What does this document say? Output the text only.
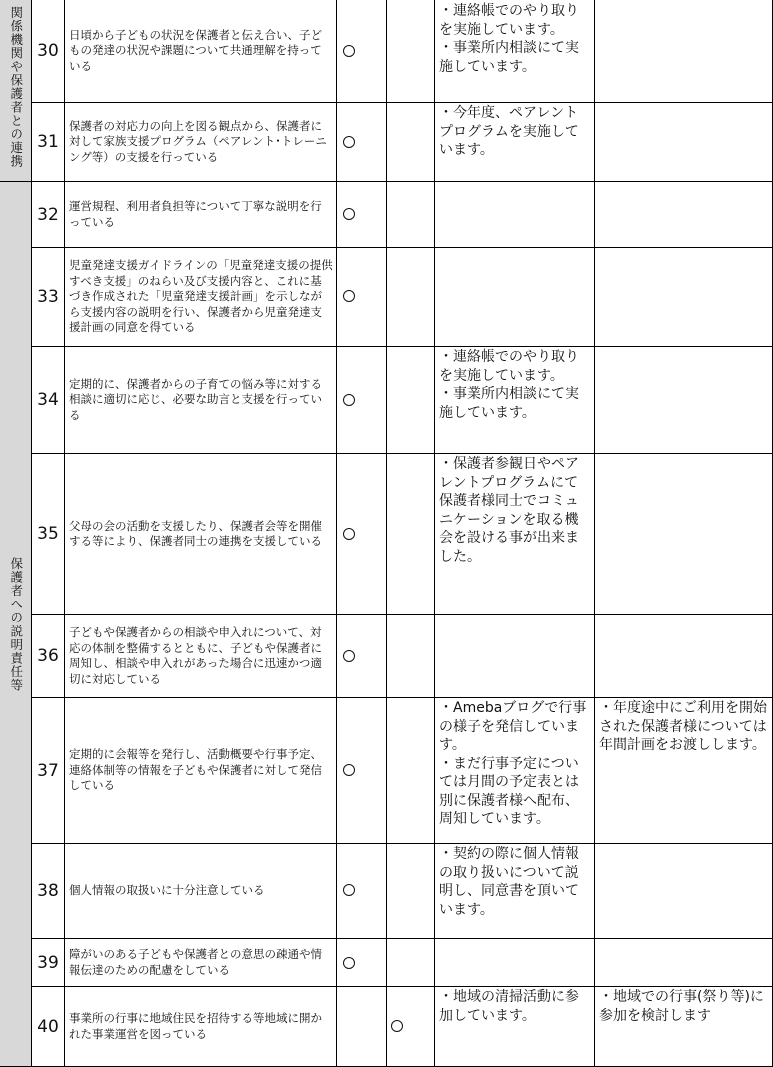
関係機関や保護者との連携
保護者への説明責任等
30
31
32
33
34
35
36
37
38
39
40
日頃から子どもの状況を保護者と伝え合い、子どもの発達の状況や課題について共通理解を持っている
保護者の対応力の向上を図る観点から、保護者に対して家族支援プログラム（ペアレント･トレーニング等）の支援を行っている
運営規程、利用者負担等について丁寧な説明を行っている
児童発達支援ガイドラインの「児童発達支援の提供すべき支援」のねらい及び支援内容と、これに基づき作成された「児童発達支援計画」を示しながら支援内容の説明を行い、保護者から児童発達支援計画の同意を得ている
定期的に、保護者からの子育ての悩み等に対する相談に適切に応じ、必要な助言と支援を行っている
父母の会の活動を支援したり、保護者会等を開催する等により、保護者同士の連携を支援している
子どもや保護者からの相談や申入れについて、対応の体制を整備するとともに、子どもや保護者に周知し、相談や申入れがあった場合に迅速かつ適切に対応している
定期的に会報等を発行し、活動概要や行事予定、連絡体制等の情報を子どもや保護者に対して発信している
個人情報の取扱いに十分注意している
障がいのある子どもや保護者との意思の疎通や情報伝達のための配慮をしている
事業所の行事に地域住民を招待する等地域に開かれた事業運営を図っている
・連絡帳でのやり取りを実施しています。
・事業所内相談にて実施しています。
・今年度、ペアレントプログラムを実施しています。
・連絡帳でのやり取りを実施しています。
・事業所内相談にて実施しています。
・保護者参観日やペアレントプログラムにて保護者様同士でコミュニケーションを取る機会を設ける事が出来ました。
・Amebaブログで行事の様子を発信しています。
・まだ行事予定については月間の予定表とは別に保護者様へ配布、周知しています。
・契約の際に個人情報の取り扱いについて説明し、同意書を頂いています。
・地域の清掃活動に参加しています。
・年度途中にご利用を開始された保護者様については年間計画をお渡しします。
・地域での行事(祭り等)に参加を検討します
